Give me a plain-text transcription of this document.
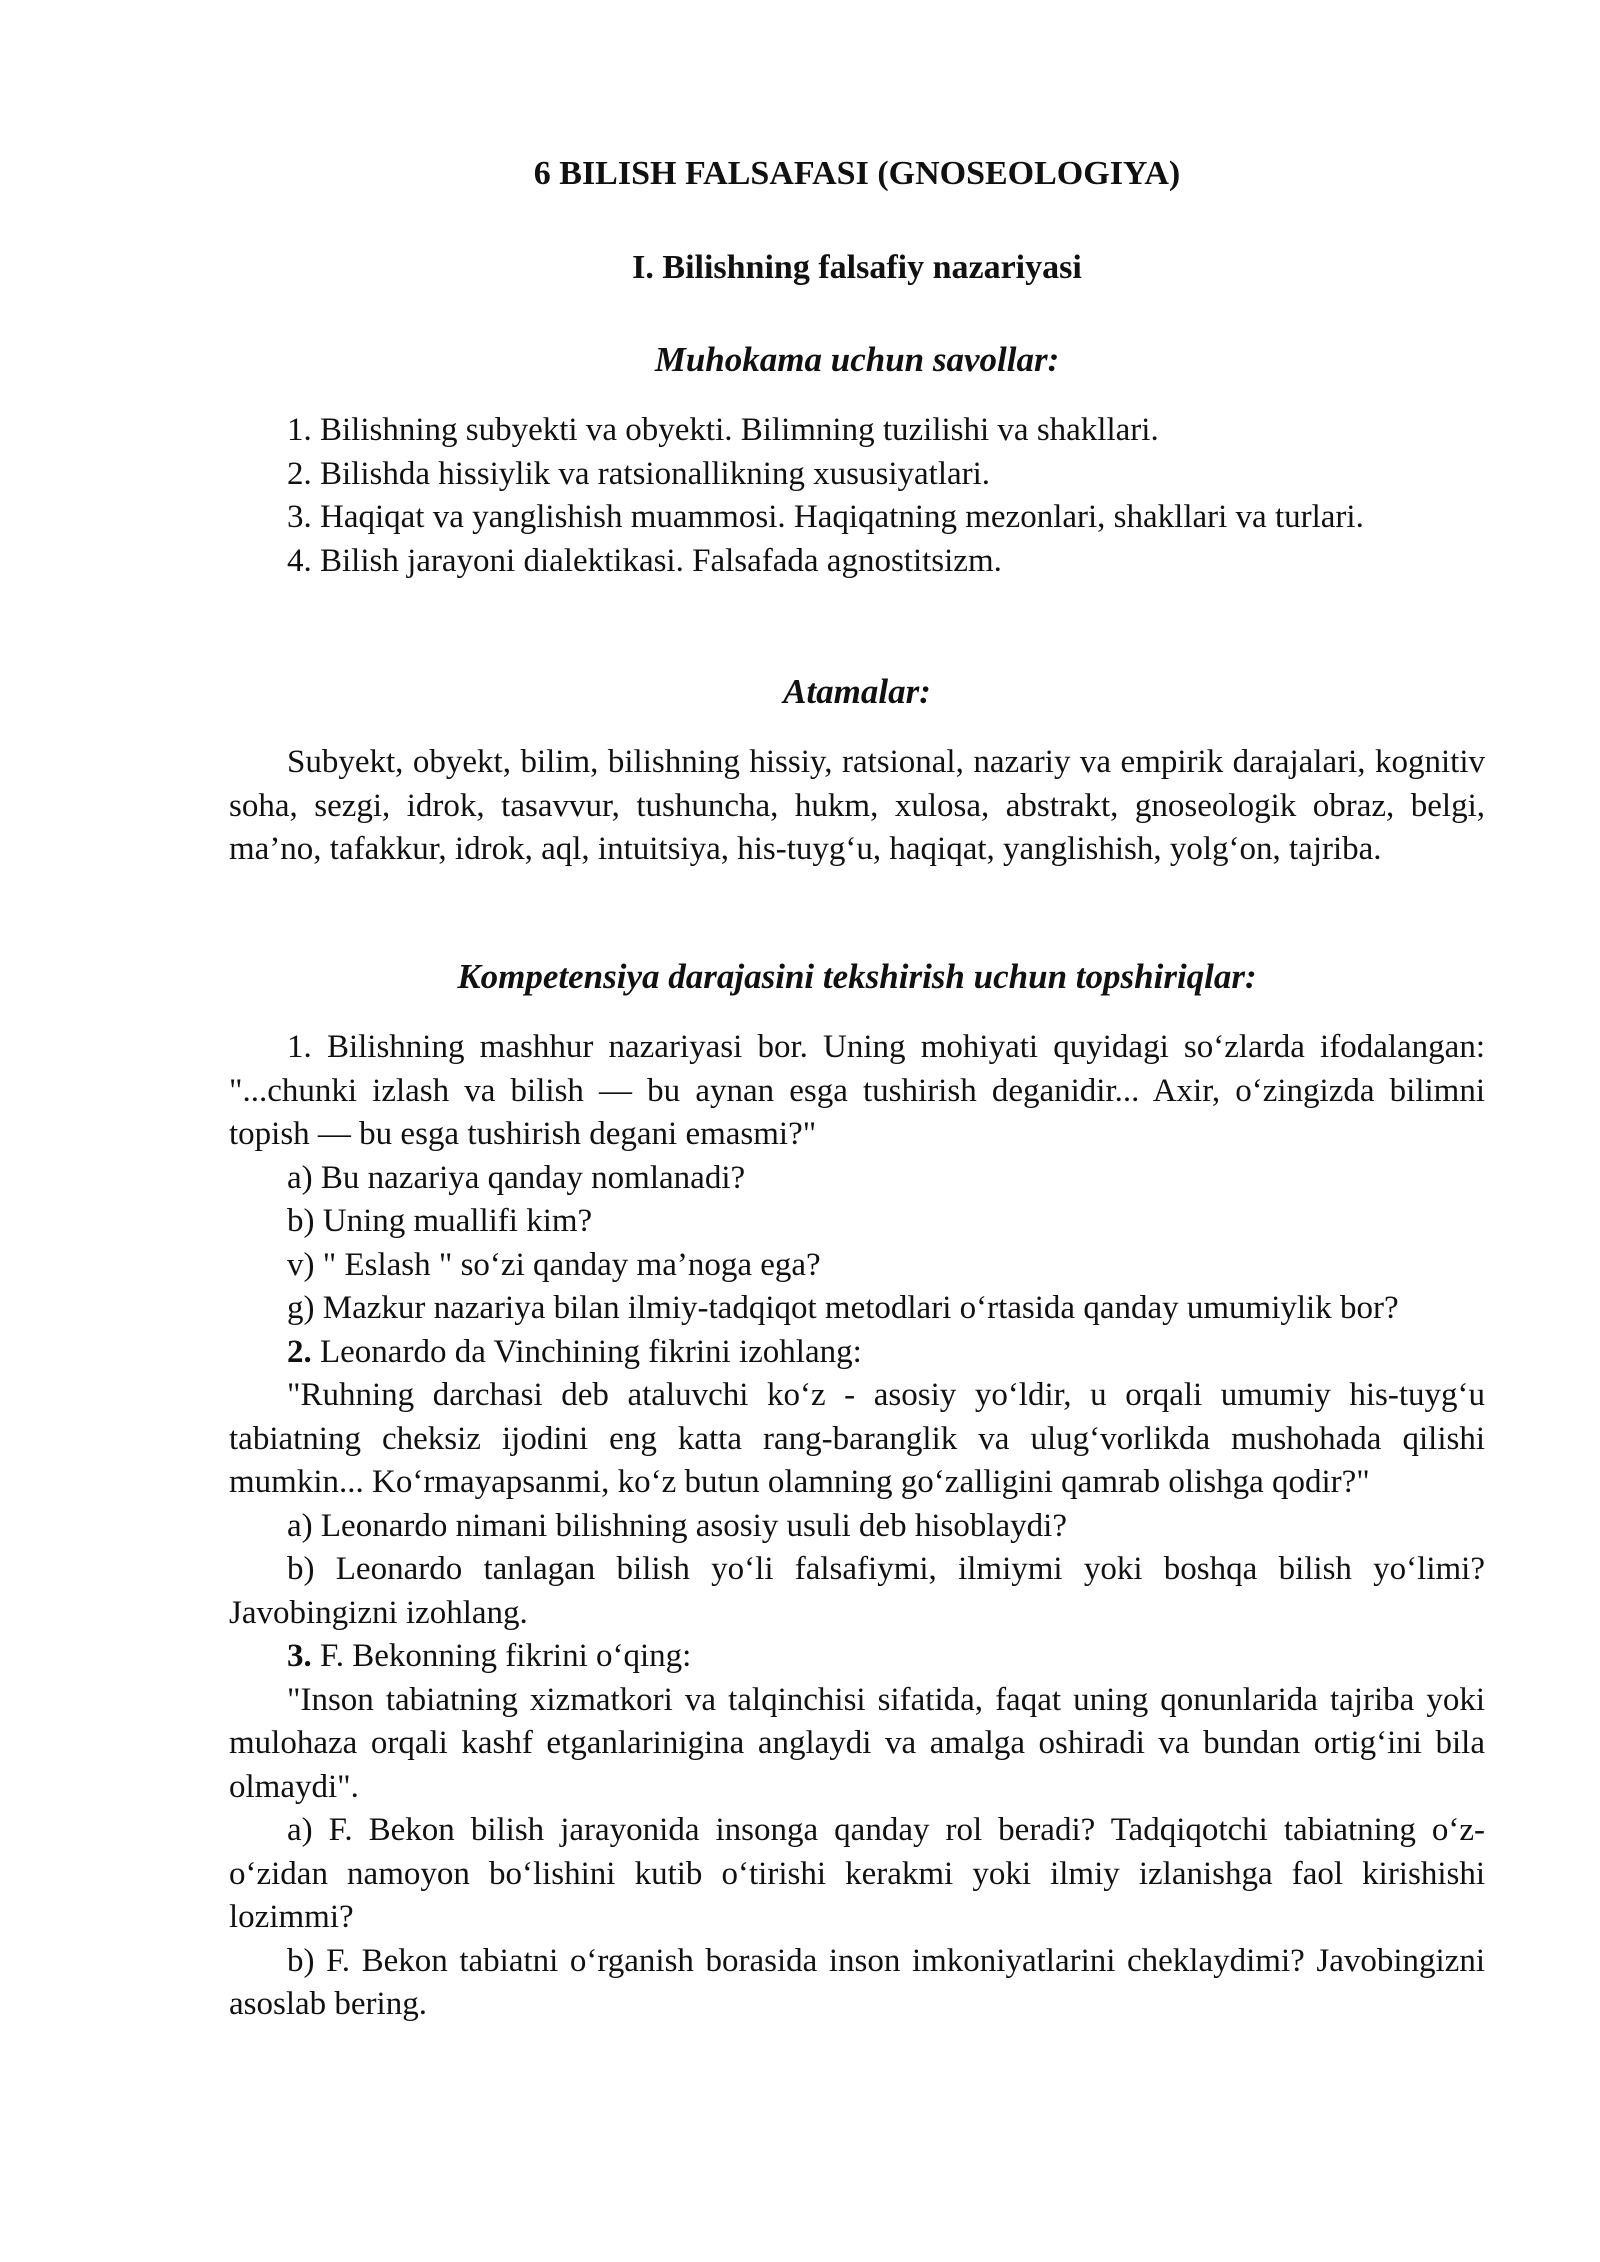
6 BILISH FALSAFASI (GNOSEOLOGIYA)
I. Bilishning falsafiy nazariyasi
Muhokama uchun savollar:

1. Bilishning subyekti va obyekti. Bilimning tuzilishi va shakllari.

2. Bilishda hissiylik va ratsionallikning xususiyatlari.

3. Haqiqat va yanglishish muammosi. Haqiqatning mezonlari, shakllari va turlari.

4. Bilish jarayoni dialektikasi. Falsafada agnostitsizm.

Atamalar:

Subyekt, obyekt, bilim, bilishning hissiy, ratsional, nazariy va empirik darajalari, kognitiv soha, sezgi, idrok, tasavvur, tushuncha, hukm, xulosa, abstrakt, gnoseologik obraz, belgi, ma’no, tafakkur, idrok, aql, intuitsiya, his-tuyg‘u, haqiqat, yanglishish, yolg‘on, tajriba.

Kompetensiya darajasini tekshirish uchun topshiriqlar:

1. Bilishning mashhur nazariyasi bor. Uning mohiyati quyidagi so‘zlarda ifodalangan: "...chunki izlash va bilish — bu aynan esga tushirish deganidir... Axir, o‘zingizda bilimni topish — bu esga tushirish degani emasmi?"

a) Bu nazariya qanday nomlanadi?

b) Uning muallifi kim?

v) " Eslash " so‘zi qanday ma’noga ega?

g) Mazkur nazariya bilan ilmiy-tadqiqot metodlari o‘rtasida qanday umumiylik bor?

2. Leonardo da Vinchining fikrini izohlang:

"Ruhning darchasi deb ataluvchi ko‘z - asosiy yo‘ldir, u orqali umumiy his-tuyg‘u tabiatning cheksiz ijodini eng katta rang-baranglik va ulug‘vorlikda mushohada qilishi mumkin... Ko‘rmayapsanmi, ko‘z butun olamning go‘zalligini qamrab olishga qodir?"

a) Leonardo nimani bilishning asosiy usuli deb hisoblaydi?

b) Leonardo tanlagan bilish yo‘li falsafiymi, ilmiymi yoki boshqa bilish yo‘limi? Javobingizni izohlang.

3. F. Bekonning fikrini o‘qing:

"Inson tabiatning xizmatkori va talqinchisi sifatida, faqat uning qonunlarida tajriba yoki mulohaza orqali kashf etganlarinigina anglaydi va amalga oshiradi va bundan ortig‘ini bila olmaydi".

a) F. Bekon bilish jarayonida insonga qanday rol beradi? Tadqiqotchi tabiatning o‘z-o‘zidan namoyon bo‘lishini kutib o‘tirishi kerakmi yoki ilmiy izlanishga faol kirishishi lozimmi?

b) F. Bekon tabiatni o‘rganish borasida inson imkoniyatlarini cheklaydimi? Javobingizni asoslab bering.
